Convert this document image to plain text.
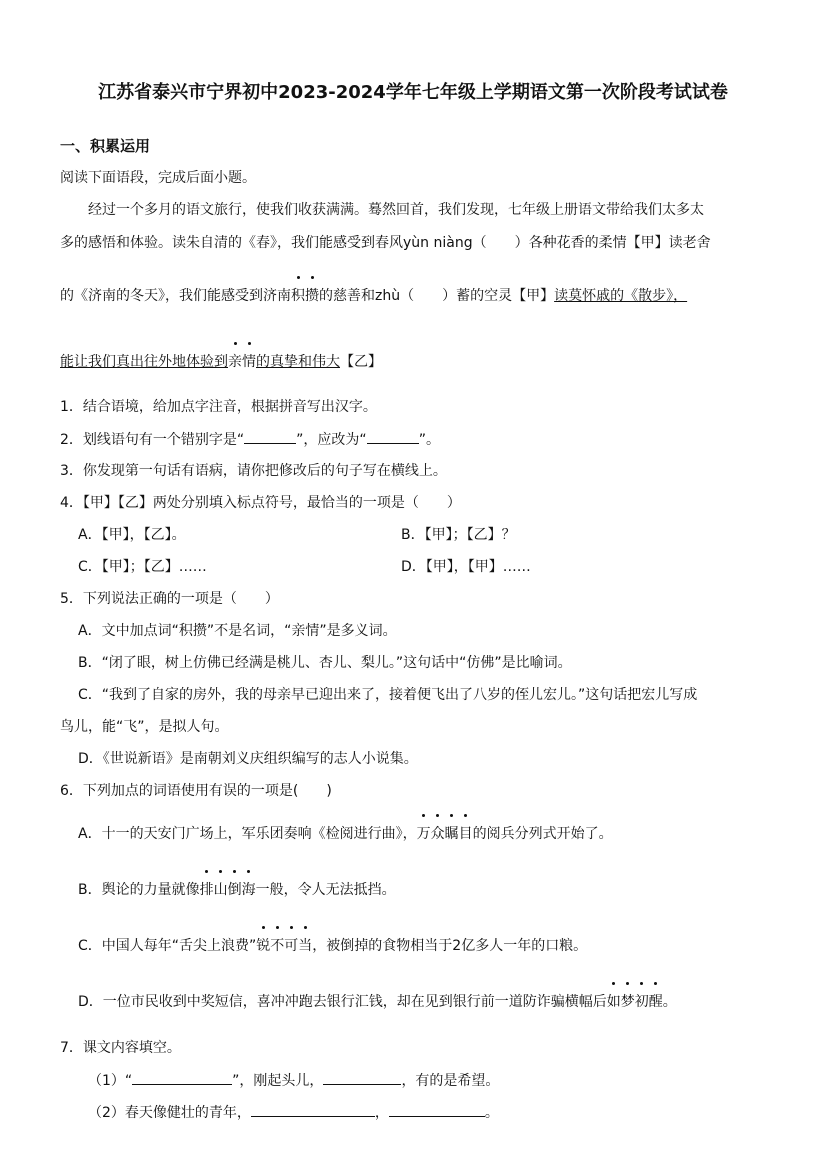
江苏省泰兴市宁界初中2023-2024学年七年级上学期语文第一次阶段考试试卷
一、积累运用
阅读下面语段，完成后面小题。
经过一个多月的语文旅行，使我们收获满满。蓦然回首，我们发现，七年级上册语文带给我们太多太
多的感悟和体验。读朱自清的《春》，我们能感受到春风yùn niàng（　　）各种花香的柔情【甲】读老舍
的《济南的冬天》，我们能感受到济南积攒的慈善和zhù（　　）蓄的空灵【甲】读莫怀戚的《散步》，
能让我们真出往外地体验到亲情的真挚和伟大【乙】
1．结合语境，给加点字注音，根据拼音写出汉字。
2．划线语句有一个错别字是“	”，应改为“	”。
3．你发现第一句话有语病，请你把修改后的句子写在横线上。
4．【甲】【乙】两处分别填入标点符号，最恰当的一项是（　　）
A．【甲】，【乙】。	B．【甲】；【乙】？
C．【甲】；【乙】……	D．【甲】，【甲】……
5．下列说法正确的一项是（　　）
A．文中加点词“积攒”不是名词，“亲情”是多义词。
B．“闭了眼，树上仿佛已经满是桃儿、杏儿、梨儿。”这句话中“仿佛”是比喻词。
C．“我到了自家的房外，我的母亲早已迎出来了，接着便飞出了八岁的侄儿宏儿。”这句话把宏儿写成
鸟儿，能“飞”，是拟人句。
D．《世说新语》是南朝刘义庆组织编写的志人小说集。
6．下列加点的词语使用有误的一项是(　　)
A．十一的天安门广场上，军乐团奏响《检阅进行曲》，万众瞩目的阅兵分列式开始了。
B．舆论的力量就像排山倒海一般，令人无法抵挡。
C．中国人每年“舌尖上浪费”锐不可当，被倒掉的食物相当于2亿多人一年的口粮。
D．一位市民收到中奖短信，喜冲冲跑去银行汇钱，却在见到银行前一道防诈骗横幅后如梦初醒。
7．课文内容填空。
（1）“	”，刚起头儿，	，有的是希望。
（2）春天像健壮的青年，	，	。
